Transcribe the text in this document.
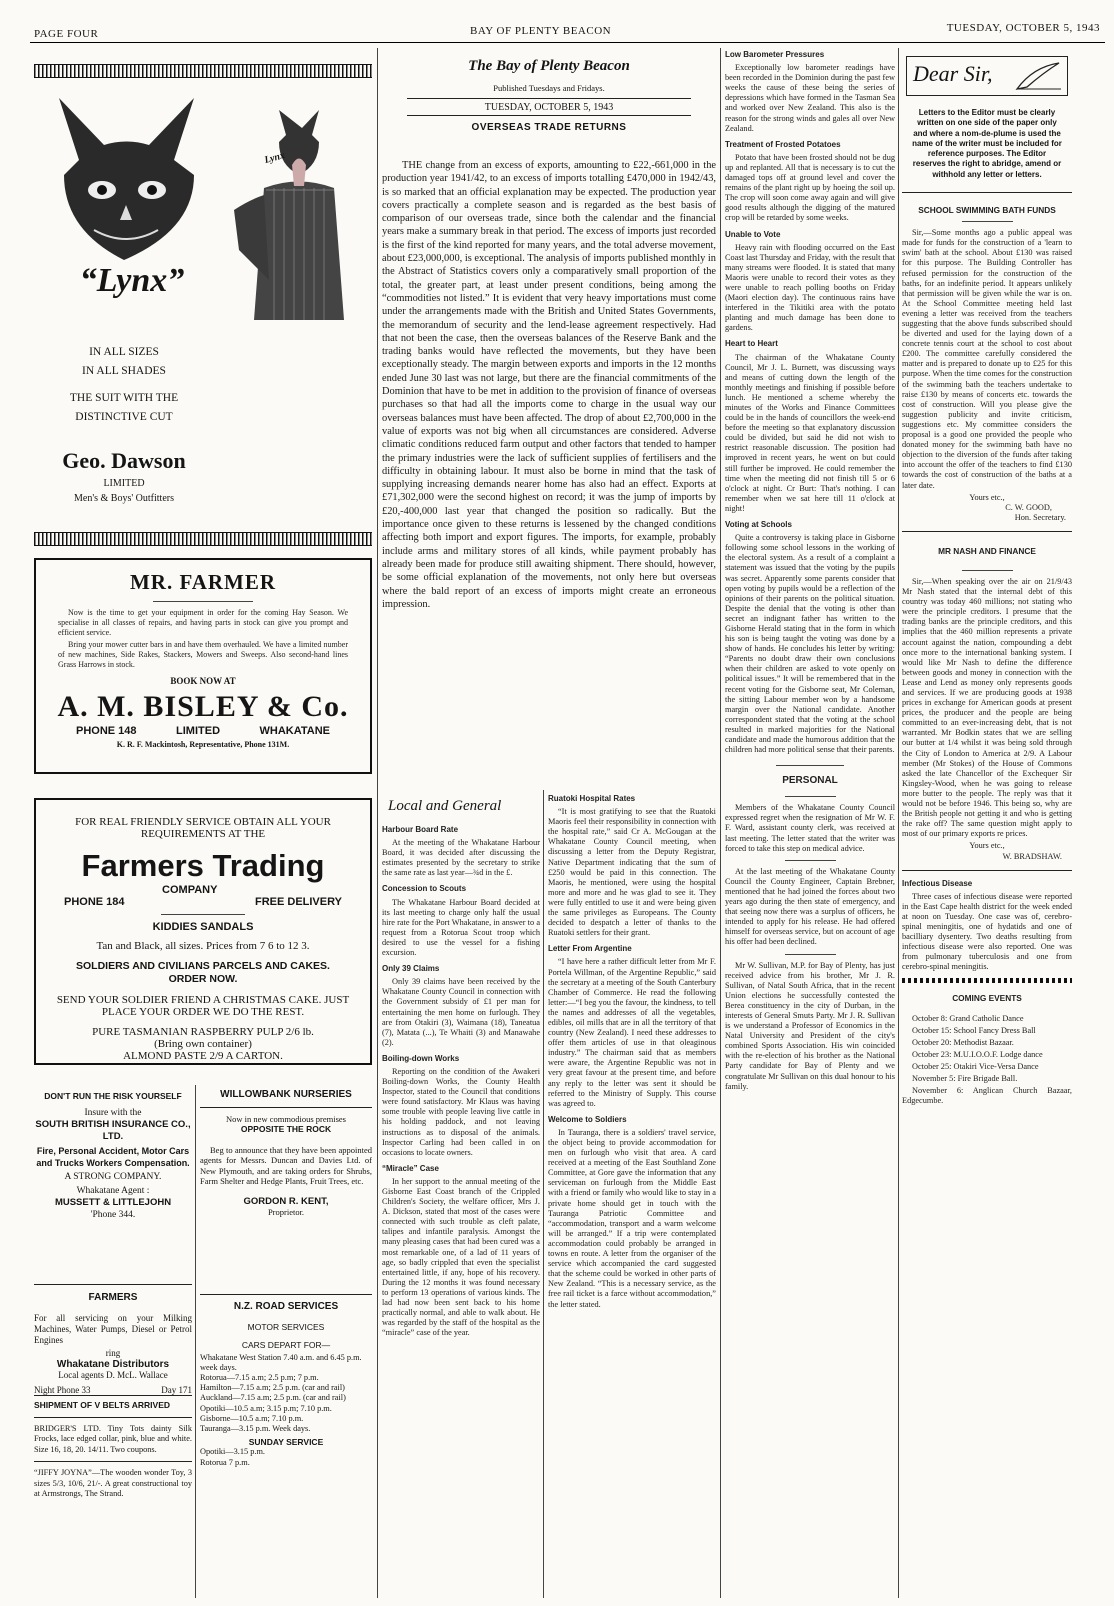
PAGE FOUR	BAY OF PLENTY BEACON	TUESDAY, OCTOBER 5, 1943
“Lynx”
Lynx
IN ALL SIZES
IN ALL SHADES
THE SUIT WITH THE
DISTINCTIVE CUT
Geo. Dawson
LIMITED
Men's & Boys' Outfitters
MR. FARMER

Now is the time to get your equipment in order for the coming Hay Season. We specialise in all classes of repairs, and having parts in stock can give you prompt and efficient service.

Bring your mower cutter bars in and have them overhauled. We have a limited number of new machines, Side Rakes, Stackers, Mowers and Sweeps. Also second-hand lines Grass Harrows in stock.

BOOK NOW AT
A. M. BISLEY & Co.
PHONE 148	LIMITED	WHAKATANE
K. R. F. Mackintosh, Representative, Phone 131M.
FOR REAL FRIENDLY SERVICE OBTAIN ALL YOUR REQUIREMENTS AT THE
Farmers Trading
PHONE 184
COMPANY
FREE DELIVERY
KIDDIES SANDALS
Tan and Black, all sizes. Prices from 7 6 to 12 3.
SOLDIERS AND CIVILIANS PARCELS AND CAKES. ORDER NOW.
SEND YOUR SOLDIER FRIEND A CHRISTMAS CAKE. JUST PLACE YOUR ORDER WE DO THE REST.
PURE TASMANIAN RASPBERRY PULP 2/6 lb.
(Bring own container)
ALMOND PASTE 2/9 A CARTON.
DON'T RUN THE RISK YOURSELF
Insure with the
SOUTH BRITISH INSURANCE CO., LTD.
Fire, Personal Accident, Motor Cars and Trucks Workers Compensation.
A STRONG COMPANY.
Whakatane Agent :
MUSSETT & LITTLEJOHN
'Phone 344.
FARMERS
For all servicing on your Milking Machines, Water Pumps, Diesel or Petrol Engines
ring
Whakatane Distributors
Local agents D. McL. Wallace
Night Phone 33	Day 171
SHIPMENT OF V BELTS ARRIVED
BRIDGER'S LTD. Tiny Tots dainty Silk Frocks, lace edged collar, pink, blue and white. Size 16, 18, 20. 14/11. Two coupons.
“JIFFY JOYNA”—The wooden wonder Toy, 3 sizes 5/3, 10/6, 21/-. A great constructional toy at Armstrongs, The Strand.
WILLOWBANK NURSERIES
Now in new commodious premises
OPPOSITE THE ROCK
Beg to announce that they have been appointed agents for Messrs. Duncan and Davies Ltd. of New Plymouth, and are taking orders for Shrubs, Farm Shelter and Hedge Plants, Fruit Trees, etc.
GORDON R. KENT,
Proprietor.
N.Z. ROAD SERVICES
MOTOR SERVICES
CARS DEPART FOR—
Whakatane West Station 7.40 a.m. and 6.45 p.m. week days.
Rotorua—7.15 a.m; 2.5 p.m; 7 p.m.
Hamilton—7.15 a.m; 2.5 p.m. (car and rail)
Auckland—7.15 a.m; 2.5 p.m. (car and rail)
Opotiki—10.5 a.m; 3.15 p.m; 7.10 p.m.
Gisborne—10.5 a.m; 7.10 p.m.
Tauranga—3.15 p.m. Week days.
SUNDAY SERVICE
Opotiki—3.15 p.m.
Rotorua 7 p.m.
The Bay of Plenty Beacon
Published Tuesdays and Fridays.
TUESDAY, OCTOBER 5, 1943
OVERSEAS TRADE RETURNS

THE change from an excess of exports, amounting to £22,-661,000 in the production year 1941/42, to an excess of imports totalling £470,000 in 1942/43, is so marked that an official explanation may be expected. The production year covers practically a complete season and is regarded as the best basis of comparison of our overseas trade, since both the calendar and the financial years make a summary break in that period. The excess of imports just recorded is the first of the kind reported for many years, and the total adverse movement, about £23,000,000, is exceptional. The analysis of imports published monthly in the Abstract of Statistics covers only a comparatively small proportion of the total, the greater part, at least under present conditions, being among the “commodities not listed.” It is evident that very heavy importations must come under the arrangements made with the British and United States Governments, the memorandum of security and the lend-lease agreement respectively. Had that not been the case, then the overseas balances of the Reserve Bank and the trading banks would have reflected the movements, but they have been exceptionally steady. The margin between exports and imports in the 12 months ended June 30 last was not large, but there are the financial commitments of the Dominion that have to be met in addition to the provision of finance of overseas purchases so that had all the imports come to charge in the usual way our overseas balances must have been affected. The drop of about £2,700,000 in the value of exports was not big when all circumstances are considered. Adverse climatic conditions reduced farm output and other factors that tended to hamper the primary industries were the lack of sufficient supplies of fertilisers and the difficulty in obtaining labour. It must also be borne in mind that the task of supplying increasing demands nearer home has also had an effect. Exports at £71,302,000 were the second highest on record; it was the jump of imports by £20,-400,000 last year that changed the position so radically. But the importance once given to these returns is lessened by the changed conditions affecting both import and export figures. The imports, for example, probably include arms and military stores of all kinds, while payment probably has already been made for produce still awaiting shipment. There should, however, be some official explanation of the movements, not only here but overseas where the bald report of an excess of imports might create an erroneous impression.

Local and General
Harbour Board Rate

At the meeting of the Whakatane Harbour Board, it was decided after discussing the estimates presented by the secretary to strike the same rate as last year—¾d in the £.

Concession to Scouts

The Whakatane Harbour Board decided at its last meeting to charge only half the usual hire rate for the Port Whakatane, in answer to a request from a Rotorua Scout troop which desired to use the vessel for a fishing excursion.

Only 39 Claims

Only 39 claims have been received by the Whakatane County Council in connection with the Government subsidy of £1 per man for entertaining the men home on furlough. They are from Otakiri (3), Waimana (18), Taneatua (7), Matata (...), Te Whaiti (3) and Manawahe (2).

Boiling-down Works

Reporting on the condition of the Awakeri Boiling-down Works, the County Health Inspector, stated to the Council that conditions were found satisfactory. Mr Klaus was having some trouble with people leaving live cattle in his holding paddock, and not leaving instructions as to disposal of the animals. Inspector Carling had been called in on occasions to locate owners.

“Miracle” Case

In her support to the annual meeting of the Gisborne East Coast branch of the Crippled Children's Society, the welfare officer, Mrs J. A. Dickson, stated that most of the cases were connected with such trouble as cleft palate, talipes and infantile paralysis. Amongst the many pleasing cases that had been cured was a most remarkable one, of a lad of 11 years of age, so badly crippled that even the specialist entertained little, if any, hope of his recovery. During the 12 months it was found necessary to perform 13 operations of various kinds. The lad had now been sent back to his home practically normal, and able to walk about. He was regarded by the staff of the hospital as the “miracle” case of the year.

Ruatoki Hospital Rates

“It is most gratifying to see that the Ruatoki Maoris feel their responsibility in connection with the hospital rate,” said Cr A. McGougan at the Whakatane County Council meeting, when discussing a letter from the Deputy Registrar, Native Department indicating that the sum of £250 would be paid in this connection. The Maoris, he mentioned, were using the hospital more and more and he was glad to see it. They were fully entitled to use it and were being given the same privileges as Europeans. The County decided to despatch a letter of thanks to the Ruatoki settlers for their grant.

Letter From Argentine

“I have here a rather difficult letter from Mr F. Portela Willman, of the Argentine Republic,” said the secretary at a meeting of the South Canterbury Chamber of Commerce. He read the following letter:—“I beg you the favour, the kindness, to tell the names and addresses of all the vegetables, edibles, oil mills that are in all the territory of that country (New Zealand). I need these addresses to offer them articles of use in that oleaginous industry.” The chairman said that as members were aware, the Argentine Republic was not in very great favour at the present time, and before any reply to the letter was sent it should be referred to the Ministry of Supply. This course was agreed to.

Welcome to Soldiers

In Tauranga, there is a soldiers' travel service, the object being to provide accommodation for men on furlough who visit that area. A card received at a meeting of the East Southland Zone Committee, at Gore gave the information that any serviceman on furlough from the Middle East with a friend or family who would like to stay in a private home should get in touch with the Tauranga Patriotic Committee and “accommodation, transport and a warm welcome will be arranged.” If a trip were contemplated accommodation could probably be arranged in towns en route. A letter from the organiser of the service which accompanied the card suggested that the scheme could be worked in other parts of New Zealand. “This is a necessary service, as the free rail ticket is a farce without accommodation,” the letter stated.

Low Barometer Pressures

Exceptionally low barometer readings have been recorded in the Dominion during the past few weeks the cause of these being the series of depressions which have formed in the Tasman Sea and worked over New Zealand. This also is the reason for the strong winds and gales all over New Zealand.

Treatment of Frosted Potatoes

Potato that have been frosted should not be dug up and replanted. All that is necessary is to cut the damaged tops off at ground level and cover the remains of the plant right up by hoeing the soil up. The crop will soon come away again and will give good results although the digging of the matured crop will be retarded by some weeks.

Unable to Vote

Heavy rain with flooding occurred on the East Coast last Thursday and Friday, with the result that many streams were flooded. It is stated that many Maoris were unable to record their votes as they were unable to reach polling booths on Friday (Maori election day). The continuous rains have interfered in the Tikitiki area with the potato planting and much damage has been done to gardens.

Heart to Heart

The chairman of the Whakatane County Council, Mr J. L. Burnett, was discussing ways and means of cutting down the length of the monthly meetings and finishing if possible before lunch. He mentioned a scheme whereby the minutes of the Works and Finance Committees could be in the hands of councillors the week-end before the meeting so that explanatory discussion could be divided, but said he did not wish to restrict reasonable discussion. The position had improved in recent years, he went on but could still further be improved. He could remember the time when the meeting did not finish till 5 or 6 o'clock at night. Cr Burt: That's nothing. I can remember when we sat here till 11 o'clock at night!

Voting at Schools

Quite a controversy is taking place in Gisborne following some school lessons in the working of the electoral system. As a result of a complaint a statement was issued that the voting by the pupils was secret. Apparently some parents consider that open voting by pupils would be a reflection of the opinions of their parents on the political situation. Despite the denial that the voting is other than secret an indignant father has written to the Gisborne Herald stating that in the form in which his son is being taught the voting was done by a show of hands. He concludes his letter by writing: “Parents no doubt draw their own conclusions when their children are asked to vote openly on political issues.” It will be remembered that in the recent voting for the Gisborne seat, Mr Coleman, the sitting Labour member won by a handsome margin over the National candidate. Another correspondent stated that the voting at the school resulted in marked majorities for the National candidate and made the humorous addition that the children had more political sense that their parents.

PERSONAL

Members of the Whakatane County Council expressed regret when the resignation of Mr W. F. F. Ward, assistant county clerk, was received at last meeting. The letter stated that the writer was forced to take this step on medical advice.

At the last meeting of the Whakatane County Council the County Engineer, Captain Brebner, mentioned that he had joined the forces about two years ago during the then state of emergency, and that seeing now there was a surplus of officers, he intended to apply for his release. He had offered himself for overseas service, but on account of age his offer had been declined.

Mr W. Sullivan, M.P. for Bay of Plenty, has just received advice from his brother, Mr J. R. Sullivan, of Natal South Africa, that in the recent Union elections he successfully contested the Berea constituency in the city of Durban, in the interests of General Smuts Party. Mr J. R. Sullivan is we understand a Professor of Economics in the Natal University and President of the city's combined Sports Association. His win coincided with the re-election of his brother as the National Party candidate for Bay of Plenty and we congratulate Mr Sullivan on this dual honour to his family.

Dear Sir,
Letters to the Editor must be clearly written on one side of the paper only and where a nom-de-plume is used the name of the writer must be included for reference purposes. The Editor reserves the right to abridge, amend or withhold any letter or letters.
SCHOOL SWIMMING BATH FUNDS

Sir,—Some months ago a public appeal was made for funds for the construction of a 'learn to swim' bath at the school. About £130 was raised for this purpose. The Building Controller has refused permission for the construction of the baths, for an indefinite period. It appears unlikely that permission will be given while the war is on. At the School Committee meeting held last evening a letter was received from the teachers suggesting that the above funds subscribed should be diverted and used for the laying down of a concrete tennis court at the school to cost about £200. The committee carefully considered the matter and is prepared to donate up to £25 for this purpose. When the time comes for the construction of the swimming bath the teachers undertake to raise £130 by means of concerts etc. towards the cost of construction. Will you please give the suggestion publicity and invite criticism, suggestions etc. My committee considers the proposal is a good one provided the people who donated money for the swimming bath have no objection to the diversion of the funds after taking into account the offer of the teachers to find £130 towards the cost of construction of the baths at a later date.

Yours etc.,
C. W. GOOD,
Hon. Secretary.
MR NASH AND FINANCE

Sir,—When speaking over the air on 21/9/43 Mr Nash stated that the internal debt of this country was today 460 millions; not stating who were the principle creditors. I presume that the trading banks are the principle creditors, and this implies that the 460 million represents a private account against the nation, compounding a debt once more to the international banking system. I would like Mr Nash to define the difference between goods and money in connection with the Lease and Lend as money only represents goods and services. If we are producing goods at 1938 prices in exchange for American goods at present prices, the producer and the people are being committed to an ever-increasing debt, that is not warranted. Mr Bodkin states that we are selling our butter at 1/4 whilst it was being sold through the City of London to America at 2/9. A Labour member (Mr Stokes) of the House of Commons asked the late Chancellor of the Exchequer Sir Kingsley-Wood, when he was going to release more butter to the people. The reply was that it would not be before 1946. This being so, why are the British people not getting it and who is getting the rake off? The same question might apply to most of our primary exports re prices.

Yours etc.,
W. BRADSHAW.
Infectious Disease

Three cases of infectious disease were reported in the East Cape health district for the week ended at noon on Tuesday. One case was of, cerebro-spinal meningitis, one of hydatids and one of bacilliary dysentery. Two deaths resulting from infectious disease were also reported. One was from pulmonary tuberculosis and one from cerebro-spinal meningitis.

COMING EVENTS

October 8: Grand Catholic Dance

October 15: School Fancy Dress Ball

October 20: Methodist Bazaar.

October 23: M.U.I.O.O.F. Lodge dance

October 25: Otakiri Vice-Versa Dance

November 5: Fire Brigade Ball.

November 6: Anglican Church Bazaar, Edgecumbe.
